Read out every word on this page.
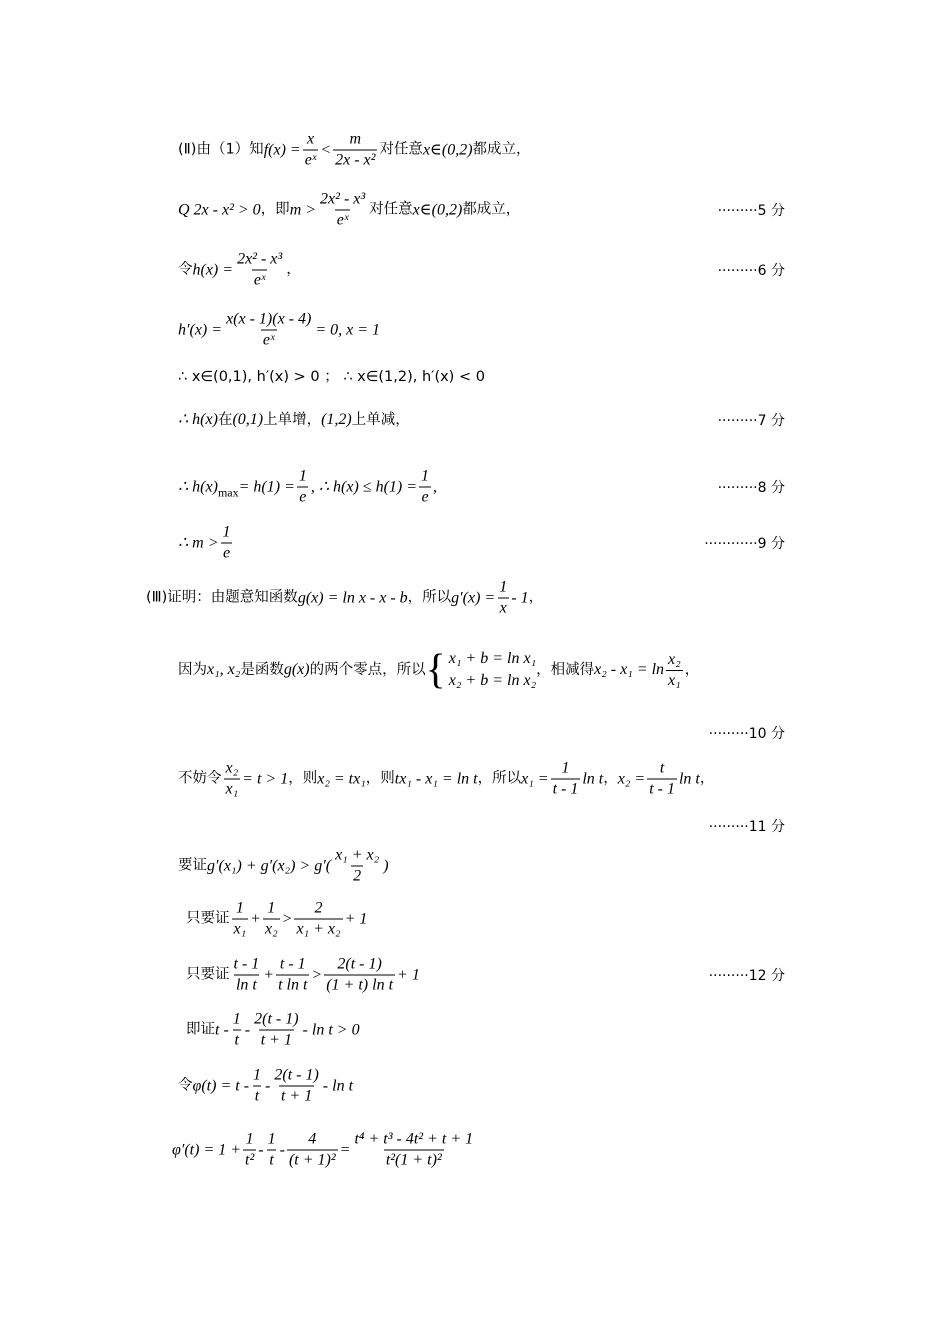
(Ⅱ)由（1）知 $f(x) = \frac{x}{\text{eˣ}} < \frac{m}{\text{2x - x²}}$ 对任意 x∈(0,2) 都成立，
Q 2x - x² > 0 ，即 $m > \frac{\text{2x² - x³}}{\text{eˣ}}$ 对任意 x∈(0,2) 都成立，	·········5 分
令 $h(x) = \frac{\text{2x² - x³}}{\text{eˣ}}$ ，	·········6 分
$h'(x) = \frac{x(x - 1)(x - 4)}{\text{eˣ}} = 0$, x = 1
∴ x∈(0,1), h′(x) > 0 ； ∴ x∈(1,2), h′(x) < 0
∴ h(x) 在 (0,1) 上单增， (1,2) 上单减，	·········7 分
∴ h(x) $\max = h(1) = \frac{1}{e}$ , ∴ $h(x) \le h(1) = \frac{1}{e}$ ,	·········8 分
∴ $m > \frac{1}{e}$	············9 分
(Ⅲ)证明：由题意知函数 g(x) = ln x - x - b ，所以 $g'(x) = \frac{1}{x} - 1$ ，
因为 x₁, x₂ 是函数 g(x) 的两个零点，所以 { x₁ + b = ln x₁
x₂ + b = ln x₂
，相减得 $x_2 - x_1 = \ln \frac{\text{x₂}}{\text{x₁}}$ ，
·········10 分
不妨令 $\frac{\text{x₂}}{\text{x₁}} = t > 1$ ，则 x₂ = tx₁ ，则 tx₁ - x₁ = ln t ，所以 $x_1 = \frac{1}{t - 1}$ ln t ， $x_2 = \frac{t}{t - 1}$ ln t ，
·········11 分
要证 $g'(x_1) + g'(x_2) > g'( \frac{\text{x₁ + x₂}}{2}$ )
只要证 $\frac{1}{\text{x₁}} + \frac{1}{\text{x₂}} > \frac{2}{\text{x₁ + x₂}} + 1$
只要证 $\frac{t - 1}{\text{ln t}} + \frac{t - 1}{\text{t ln t}} > \frac{2(t - 1)}{\text{(1 + t) ln t}} + 1$	·········12 分
即证 $t - \frac{1}{t} - \frac{2(t - 1)}{t + 1} - \ln t > 0$
令 $\varphi(t) = t - \frac{1}{t} - \frac{2(t - 1)}{t + 1} - \ln t$
$\varphi'(t) = 1 + \frac{1}{\text{t²}} - \frac{1}{t} - \frac{4}{\text{(t + 1)²}} = \frac{\text{t⁴ + t³ - 4t² + t + 1}}{\text{t²(1 + t)²}}$
